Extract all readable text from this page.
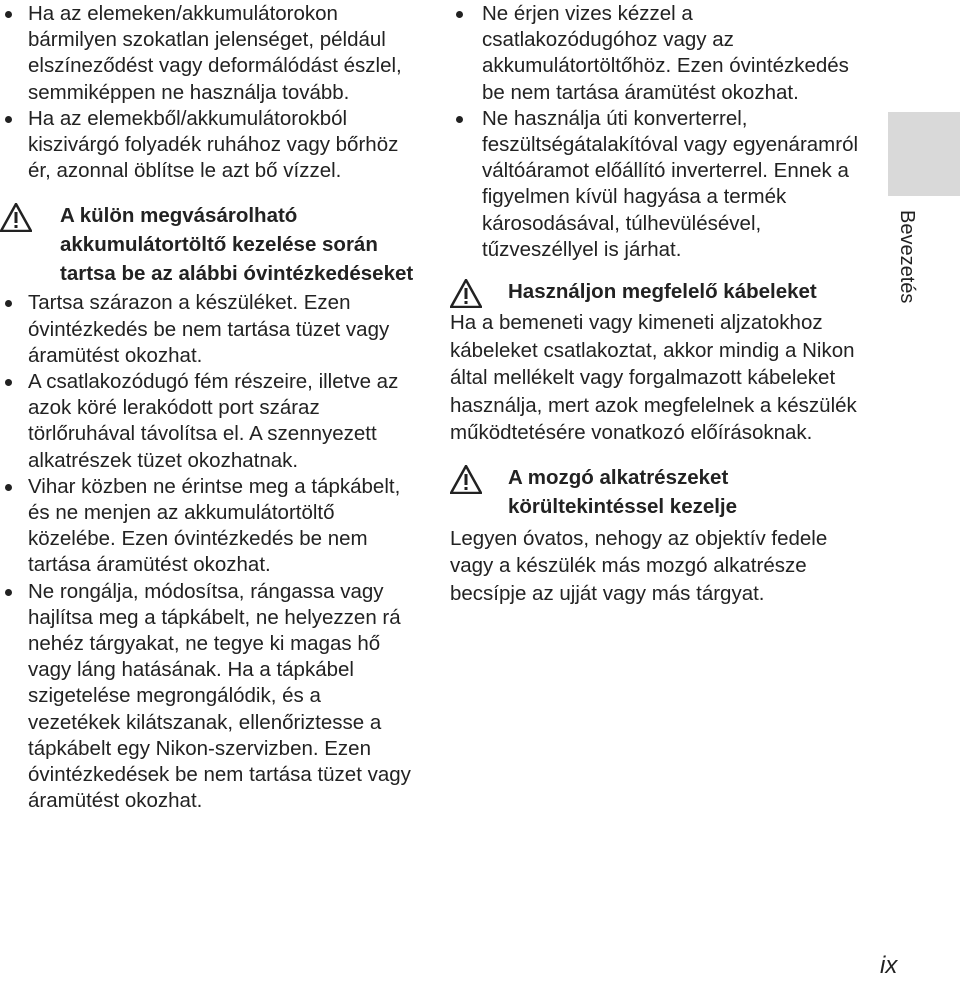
Ha az elemeken/akkumulátorokon bármilyen szokatlan jelenséget, például elszíneződést vagy deformálódást észlel, semmiképpen ne használja tovább.
Ha az elemekből/akkumulátorokból kiszivárgó folyadék ruhához vagy bőrhöz ér, azonnal öblítse le azt bő vízzel.
A külön megvásárolható akkumulátortöltő kezelése során tartsa be az alábbi óvintézkedéseket
Tartsa szárazon a készüléket. Ezen óvintézkedés be nem tartása tüzet vagy áramütést okozhat.
A csatlakozódugó fém részeire, illetve az azok köré lerakódott port száraz törlőruhával távolítsa el. A szennyezett alkatrészek tüzet okozhatnak.
Vihar közben ne érintse meg a tápkábelt, és ne menjen az akkumulátortöltő közelébe. Ezen óvintézkedés be nem tartása áramütést okozhat.
Ne rongálja, módosítsa, rángassa vagy hajlítsa meg a tápkábelt, ne helyezzen rá nehéz tárgyakat, ne tegye ki magas hő vagy láng hatásának. Ha a tápkábel szigetelése megrongálódik, és a vezetékek kilátszanak, ellenőriztesse a tápkábelt egy Nikon-szervizben. Ezen óvintézkedések be nem tartása tüzet vagy áramütést okozhat.
Ne érjen vizes kézzel a csatlakozódugóhoz vagy az akkumulátortöltőhöz. Ezen óvintézkedés be nem tartása áramütést okozhat.
Ne használja úti konverterrel, feszültségátalakítóval vagy egyenáramról váltóáramot előállító inverterrel. Ennek a figyelmen kívül hagyása a termék károsodásával, túlhevülésével, tűzveszéllyel is járhat.
Használjon megfelelő kábeleket

Ha a bemeneti vagy kimeneti aljzatokhoz kábeleket csatlakoztat, akkor mindig a Nikon által mellékelt vagy forgalmazott kábeleket használja, mert azok megfelelnek a készülék működtetésére vonatkozó előírásoknak.

A mozgó alkatrészeket körültekintéssel kezelje

Legyen óvatos, nehogy az objektív fedele vagy a készülék más mozgó alkatrésze becsípje az ujját vagy más tárgyat.

Bevezetés
ix
